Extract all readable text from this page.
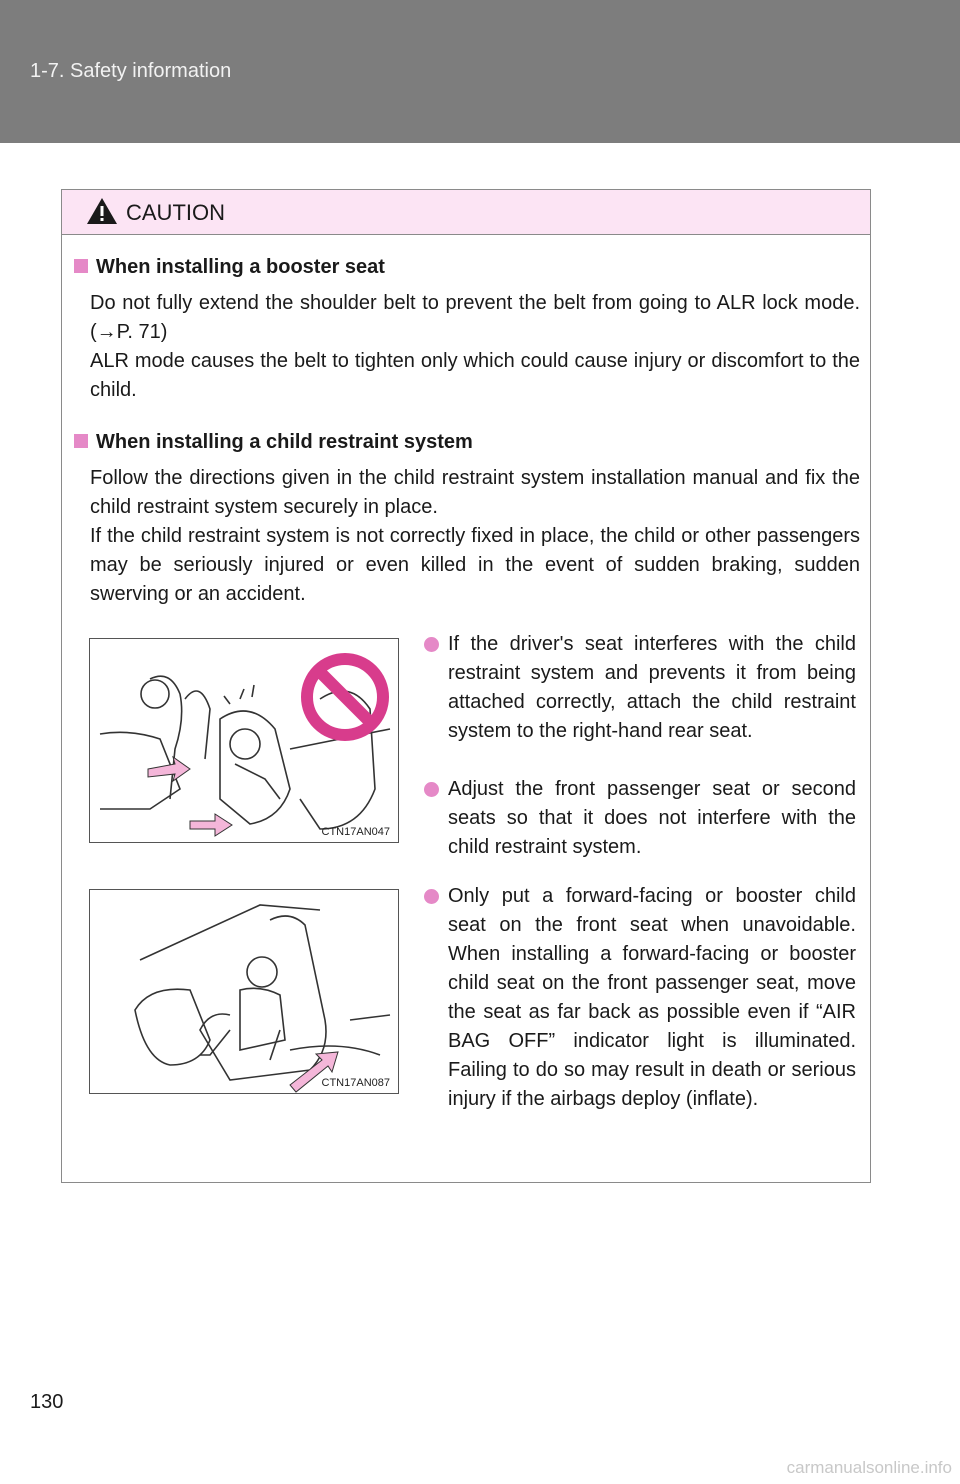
1-7. Safety information
CAUTION
When installing a booster seat
Do not fully extend the shoulder belt to prevent the belt from going to ALR lock mode. (→P. 71)
ALR mode causes the belt to tighten only which could cause injury or discomfort to the child.
When installing a child restraint system
Follow the directions given in the child restraint system installation manual and fix the child restraint system securely in place.
If the child restraint system is not correctly fixed in place, the child or other passengers may be seriously injured or even killed in the event of sudden braking, sudden swerving or an accident.
CTN17AN047
CTN17AN087
If the driver's seat interferes with the child restraint system and prevents it from being attached correctly, attach the child restraint system to the right-hand rear seat.
Adjust the front passenger seat or second seats so that it does not interfere with the child restraint system.
Only put a forward-facing or booster child seat on the front seat when unavoidable. When installing a forward-facing or booster child seat on the front passenger seat, move the seat as far back as possible even if “AIR BAG OFF” indicator light is illuminated. Failing to do so may result in death or serious injury if the airbags deploy (inflate).
130
carmanualsonline.info
